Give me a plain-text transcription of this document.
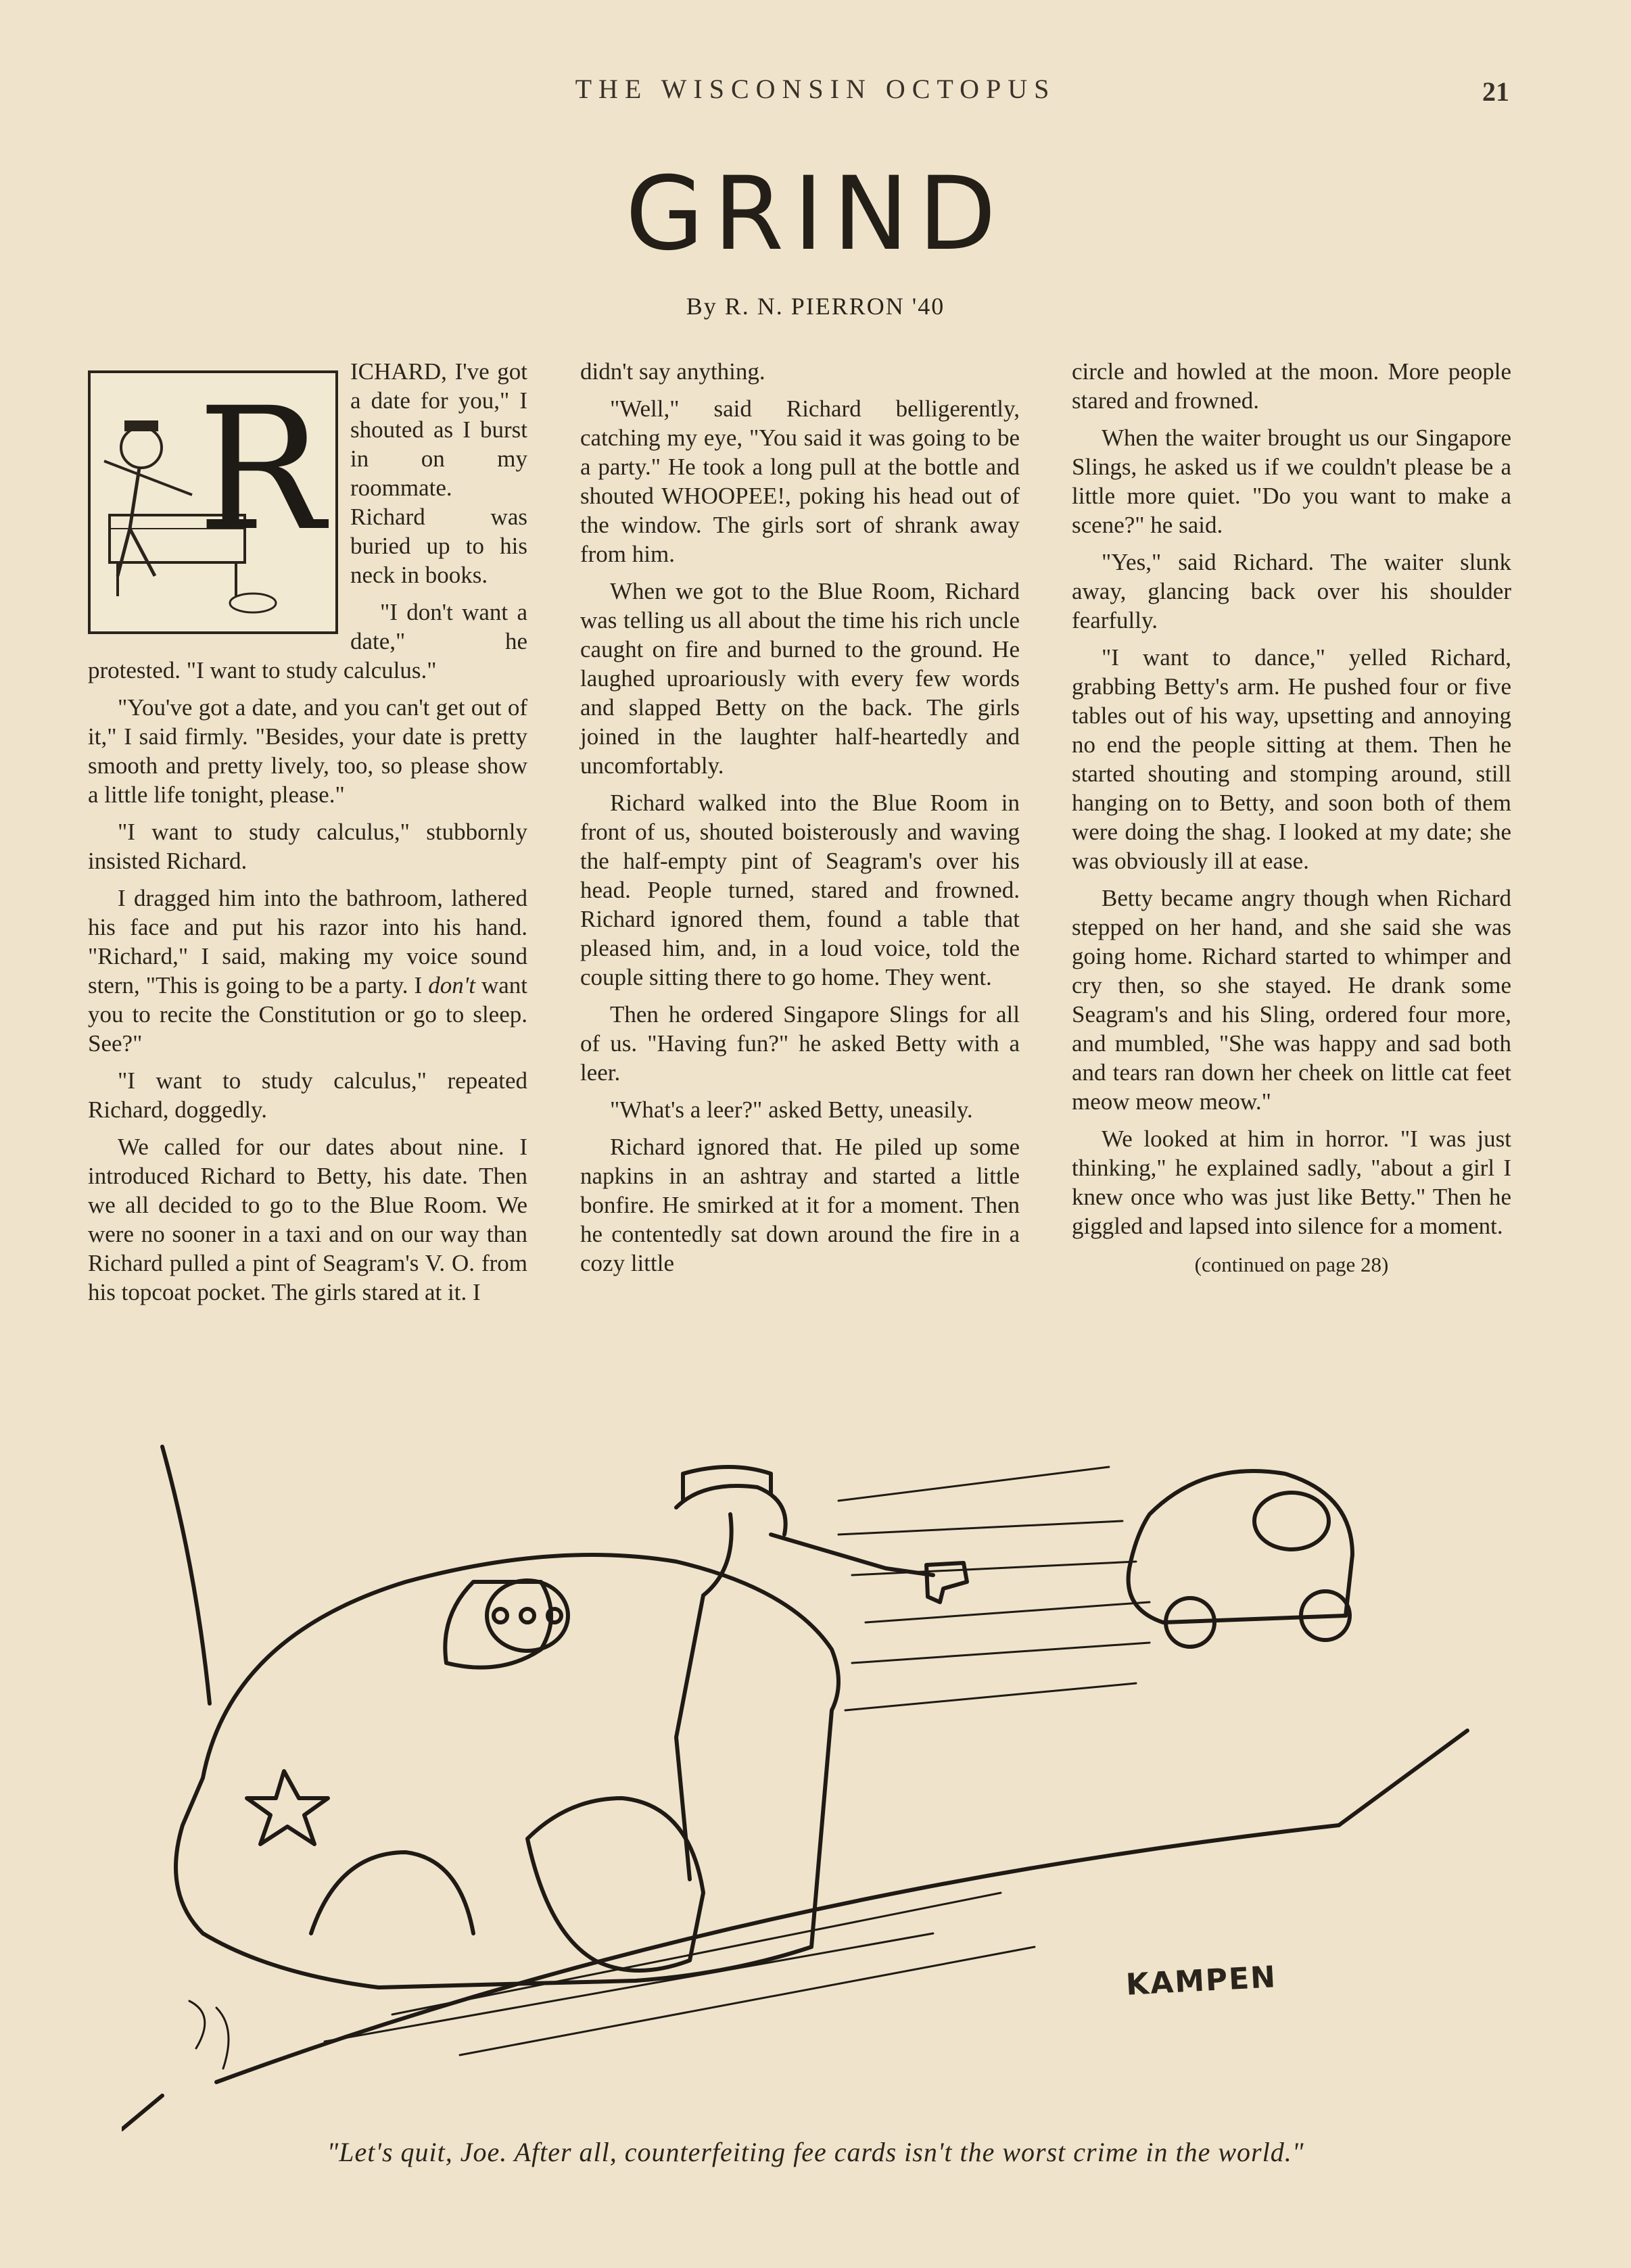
THE WISCONSIN OCTOPUS	21
GRIND
By R. N. PIERRON '40
R	ICHARD, I've got a date for you," I shouted as I burst in on my roommate. Richard was buried up to his neck in books.

"I don't want a date," he protested. "I want to study calculus."

"You've got a date, and you can't get out of it," I said firmly. "Besides, your date is pretty smooth and pretty lively, too, so please show a little life tonight, please."

"I want to study calculus," stubbornly insisted Richard.

I dragged him into the bathroom, lathered his face and put his razor into his hand. "Richard," I said, making my voice sound stern, "This is going to be a party. I don't want you to recite the Constitution or go to sleep. See?"

"I want to study calculus," repeated Richard, doggedly.

We called for our dates about nine. I introduced Richard to Betty, his date. Then we all decided to go to the Blue Room. We were no sooner in a taxi and on our way than Richard pulled a pint of Seagram's V. O. from his topcoat pocket. The girls stared at it. I

didn't say anything.

"Well," said Richard belligerently, catching my eye, "You said it was going to be a party." He took a long pull at the bottle and shouted WHOOPEE!, poking his head out of the window. The girls sort of shrank away from him.

When we got to the Blue Room, Richard was telling us all about the time his rich uncle caught on fire and burned to the ground. He laughed uproariously with every few words and slapped Betty on the back. The girls joined in the laughter half-heartedly and uncomfortably.

Richard walked into the Blue Room in front of us, shouted boisterously and waving the half-empty pint of Seagram's over his head. People turned, stared and frowned. Richard ignored them, found a table that pleased him, and, in a loud voice, told the couple sitting there to go home. They went.

Then he ordered Singapore Slings for all of us. "Having fun?" he asked Betty with a leer.

"What's a leer?" asked Betty, uneasily.

Richard ignored that. He piled up some napkins in an ashtray and started a little bonfire. He smirked at it for a moment. Then he contentedly sat down around the fire in a cozy little

circle and howled at the moon. More people stared and frowned.

When the waiter brought us our Singapore Slings, he asked us if we couldn't please be a little more quiet. "Do you want to make a scene?" he said.

"Yes," said Richard. The waiter slunk away, glancing back over his shoulder fearfully.

"I want to dance," yelled Richard, grabbing Betty's arm. He pushed four or five tables out of his way, upsetting and annoying no end the people sitting at them. Then he started shouting and stomping around, still hanging on to Betty, and soon both of them were doing the shag. I looked at my date; she was obviously ill at ease.

Betty became angry though when Richard stepped on her hand, and she said she was going home. Richard started to whimper and cry then, so she stayed. He drank some Seagram's and his Sling, ordered four more, and mumbled, "She was happy and sad both and tears ran down her cheek on little cat feet meow meow meow."

We looked at him in horror. "I was just thinking," he explained sadly, "about a girl I knew once who was just like Betty." Then he giggled and lapsed into silence for a moment.

(continued on page 28)
KAMPEN
"Let's quit, Joe. After all, counterfeiting fee cards isn't the worst crime in the world."
